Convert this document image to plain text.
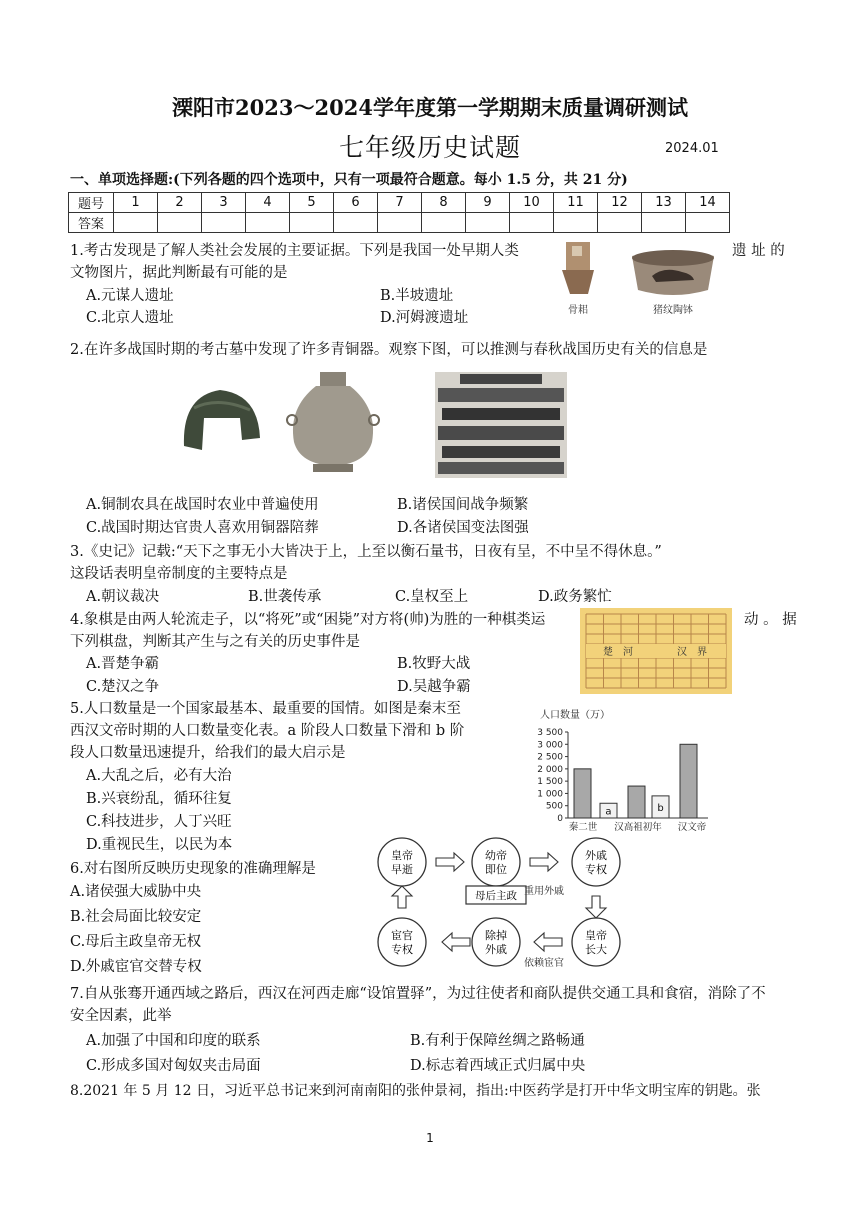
溧阳市2023～2024学年度第一学期期末质量调研测试
七年级历史试题	2024.01
一、单项选择题:(下列各题的四个选项中，只有一项最符合题意。每小 1.5 分，共 21 分)
题号	1	2	3	4	5	6	7	8	9	10	11	12	13	14
答案														
1.考古发现是了解人类社会发展的主要证据。下列是我国一处早期人类	遗 址 的
文物图片，据此判断最有可能的是
A.元谋人遗址	B.半坡遗址
C.北京人遗址	D.河姆渡遗址	骨耜	猪纹陶钵
2.在许多战国时期的考古墓中发现了许多青铜器。观察下图，可以推测与春秋战国历史有关的信息是
A.铜制农具在战国时农业中普遍使用	B.诸侯国间战争频繁
C.战国时期达官贵人喜欢用铜器陪葬	D.各诸侯国变法图强
3.《史记》记载:“天下之事无小大皆决于上，上至以衡石量书，日夜有呈，不中呈不得休息。”
这段话表明皇帝制度的主要特点是
A.朝议裁决	B.世袭传承	C.皇权至上	D.政务繁忙
4.象棋是由两人轮流走子，以“将死”或“困毙”对方将(帅)为胜的一种棋类运	动 。 据
下列棋盘，判断其产生与之有关的历史事件是
A.晋楚争霸	B.牧野大战
C.楚汉之争	D.吴越争霸
楚　河	汉　界
5.人口数量是一个国家最基本、最重要的国情。如图是秦末至
西汉文帝时期的人口数量变化表。a 阶段人口数量下滑和 b 阶
段人口数量迅速提升，给我们的最大启示是
A.大乱之后，必有大治
B.兴衰纷乱，循环往复
C.科技进步，人丁兴旺
D.重视民生，以民为本
人口数量（万）
0
500
1 000
1 500
2 000
2 500
3 000
3 500
a	b
秦二世 汉高祖初年 汉文帝
6.对右图所反映历史现象的准确理解是
A.诸侯强大威胁中央
B.社会局面比较安定
C.母后主政皇帝无权
D.外戚宦官交替专权
皇帝
早逝
幼帝
即位
外戚
专权
皇帝
长大
除掉
外戚
宦官
专权
母后主政 重用外戚
依赖宦官
7.自从张骞开通西域之路后，西汉在河西走廊“设馆置驿”，为过往使者和商队提供交通工具和食宿，消除了不
安全因素，此举
A.加强了中国和印度的联系	B.有利于保障丝绸之路畅通
C.形成多国对匈奴夹击局面	D.标志着西域正式归属中央
8.2021 年 5 月 12 日，习近平总书记来到河南南阳的张仲景祠，指出:中医药学是打开中华文明宝库的钥匙。张
1
